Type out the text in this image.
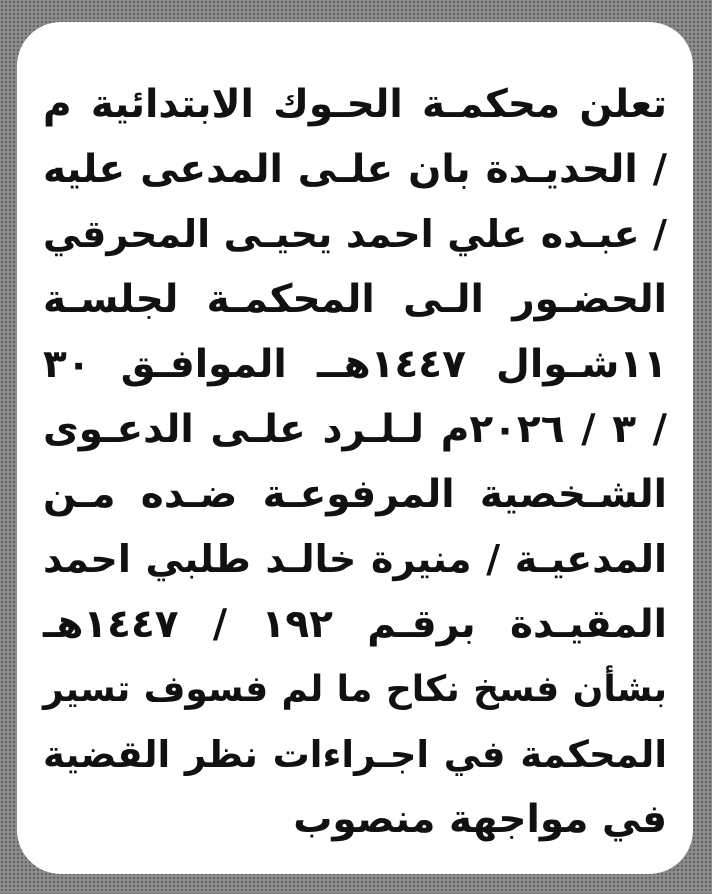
تعلن محكمـة الحـوك الابتدائية م
/ الحديـدة بان علـى المدعى عليه
/ عبـده علي احمد يحيـى المحرقي
الحضـور الـى المحكمـة لجلسـة
١١شـوال ١٤٤٧هــ الموافـق ٣٠
/ ٣ / ٢٠٢٦م لـلـرد علـى الدعـوى
الشـخصية المرفوعـة ضـده مـن
المدعيـة / منيرة خالـد طلبي احمد
المقيـدة برقـم ١٩٢ / ١٤٤٧هـ
بشأن فسخ نكاح ما لم فسوف تسير
المحكمة في اجـراءات نظر القضية
في مواجهة منصوب
